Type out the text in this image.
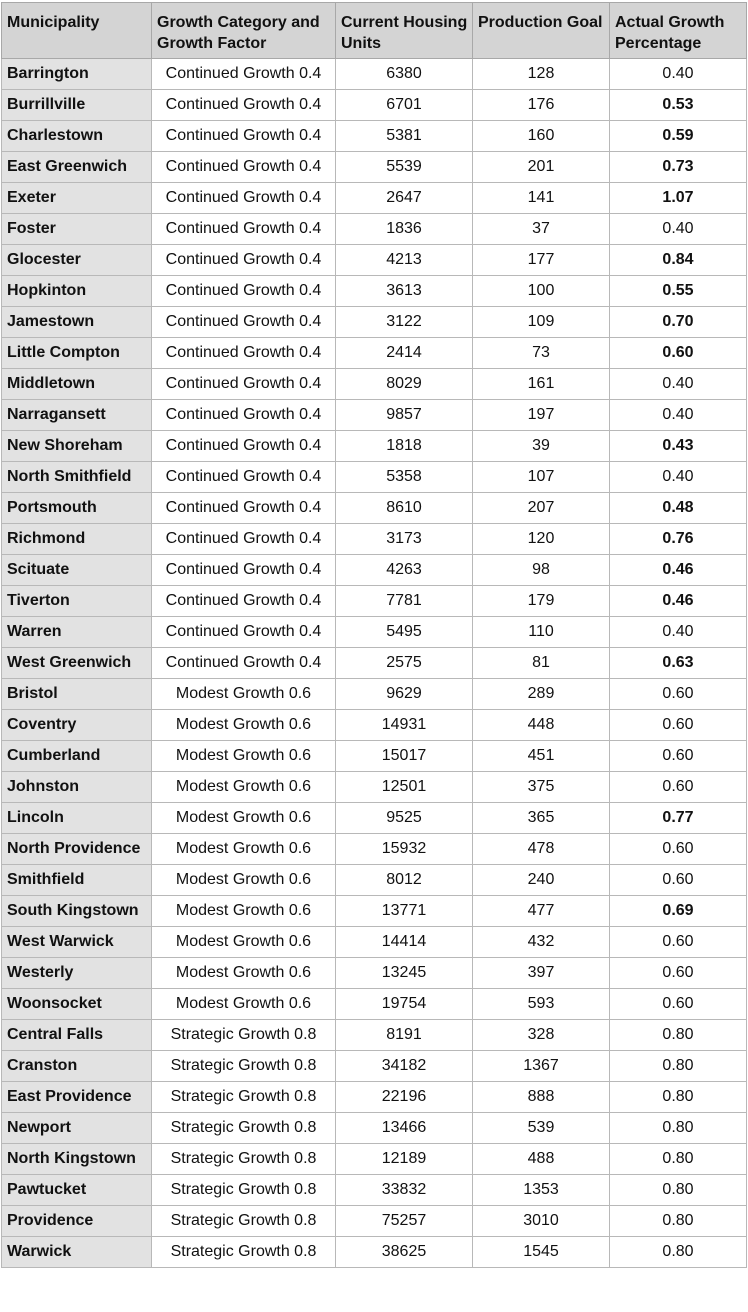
Municipality	Growth Category and Growth Factor	Current Housing Units	Production Goal	Actual Growth Percentage
Barrington	Continued Growth 0.4	6380	128	0.40
Burrillville	Continued Growth 0.4	6701	176	0.53
Charlestown	Continued Growth 0.4	5381	160	0.59
East Greenwich	Continued Growth 0.4	5539	201	0.73
Exeter	Continued Growth 0.4	2647	141	1.07
Foster	Continued Growth 0.4	1836	37	0.40
Glocester	Continued Growth 0.4	4213	177	0.84
Hopkinton	Continued Growth 0.4	3613	100	0.55
Jamestown	Continued Growth 0.4	3122	109	0.70
Little Compton	Continued Growth 0.4	2414	73	0.60
Middletown	Continued Growth 0.4	8029	161	0.40
Narragansett	Continued Growth 0.4	9857	197	0.40
New Shoreham	Continued Growth 0.4	1818	39	0.43
North Smithfield	Continued Growth 0.4	5358	107	0.40
Portsmouth	Continued Growth 0.4	8610	207	0.48
Richmond	Continued Growth 0.4	3173	120	0.76
Scituate	Continued Growth 0.4	4263	98	0.46
Tiverton	Continued Growth 0.4	7781	179	0.46
Warren	Continued Growth 0.4	5495	110	0.40
West Greenwich	Continued Growth 0.4	2575	81	0.63
Bristol	Modest Growth 0.6	9629	289	0.60
Coventry	Modest Growth 0.6	14931	448	0.60
Cumberland	Modest Growth 0.6	15017	451	0.60
Johnston	Modest Growth 0.6	12501	375	0.60
Lincoln	Modest Growth 0.6	9525	365	0.77
North Providence	Modest Growth 0.6	15932	478	0.60
Smithfield	Modest Growth 0.6	8012	240	0.60
South Kingstown	Modest Growth 0.6	13771	477	0.69
West Warwick	Modest Growth 0.6	14414	432	0.60
Westerly	Modest Growth 0.6	13245	397	0.60
Woonsocket	Modest Growth 0.6	19754	593	0.60
Central Falls	Strategic Growth 0.8	8191	328	0.80
Cranston	Strategic Growth 0.8	34182	1367	0.80
East Providence	Strategic Growth 0.8	22196	888	0.80
Newport	Strategic Growth 0.8	13466	539	0.80
North Kingstown	Strategic Growth 0.8	12189	488	0.80
Pawtucket	Strategic Growth 0.8	33832	1353	0.80
Providence	Strategic Growth 0.8	75257	3010	0.80
Warwick	Strategic Growth 0.8	38625	1545	0.80
